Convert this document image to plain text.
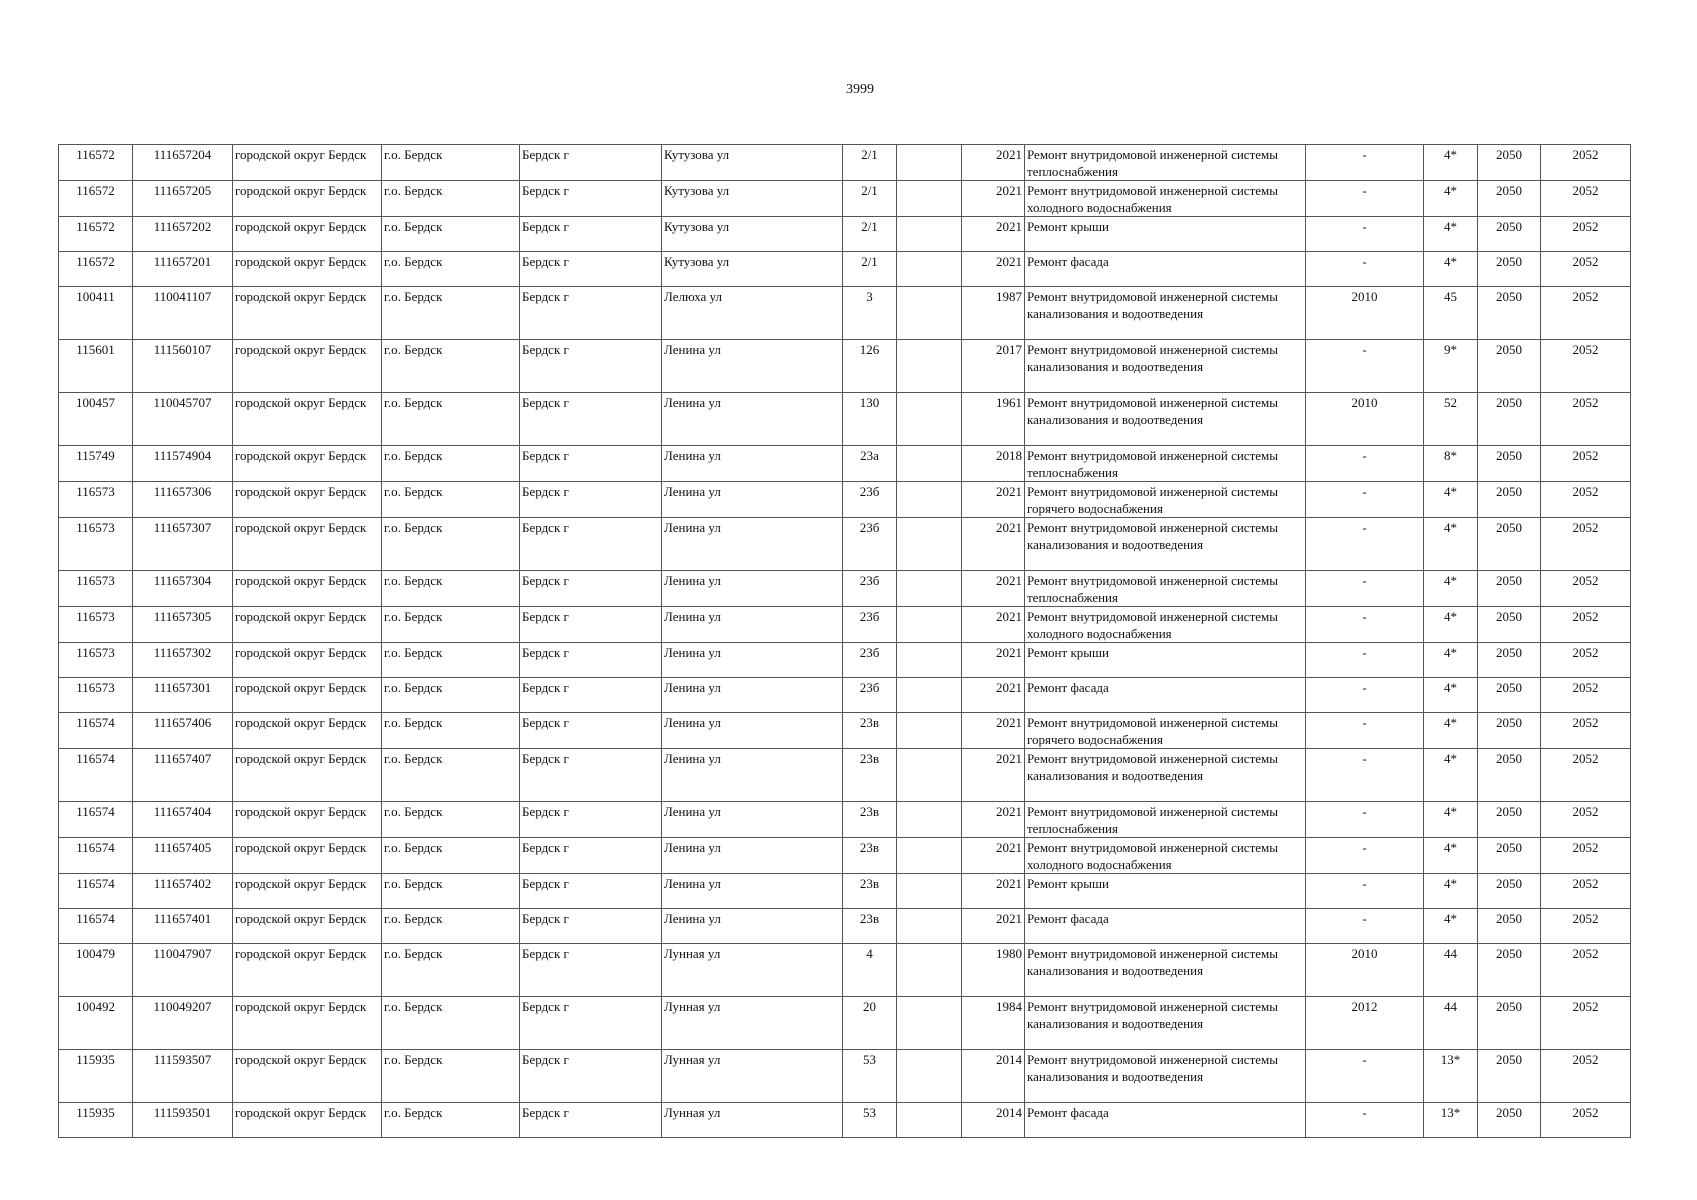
3999
116572	111657204	городской округ Бердск	г.о. Бердск	Бердск г	Кутузова ул	2/1		2021	Ремонт внутридомовой инженерной системы теплоснабжения	-	4*	2050	2052
116572	111657205	городской округ Бердск	г.о. Бердск	Бердск г	Кутузова ул	2/1		2021	Ремонт внутридомовой инженерной системы холодного водоснабжения	-	4*	2050	2052
116572	111657202	городской округ Бердск	г.о. Бердск	Бердск г	Кутузова ул	2/1		2021	Ремонт крыши	-	4*	2050	2052
116572	111657201	городской округ Бердск	г.о. Бердск	Бердск г	Кутузова ул	2/1		2021	Ремонт фасада	-	4*	2050	2052
100411	110041107	городской округ Бердск	г.о. Бердск	Бердск г	Лелюха ул	3		1987	Ремонт внутридомовой инженерной системы канализования и водоотведения	2010	45	2050	2052
115601	111560107	городской округ Бердск	г.о. Бердск	Бердск г	Ленина ул	126		2017	Ремонт внутридомовой инженерной системы канализования и водоотведения	-	9*	2050	2052
100457	110045707	городской округ Бердск	г.о. Бердск	Бердск г	Ленина ул	130		1961	Ремонт внутридомовой инженерной системы канализования и водоотведения	2010	52	2050	2052
115749	111574904	городской округ Бердск	г.о. Бердск	Бердск г	Ленина ул	23а		2018	Ремонт внутридомовой инженерной системы теплоснабжения	-	8*	2050	2052
116573	111657306	городской округ Бердск	г.о. Бердск	Бердск г	Ленина ул	23б		2021	Ремонт внутридомовой инженерной системы горячего водоснабжения	-	4*	2050	2052
116573	111657307	городской округ Бердск	г.о. Бердск	Бердск г	Ленина ул	23б		2021	Ремонт внутридомовой инженерной системы канализования и водоотведения	-	4*	2050	2052
116573	111657304	городской округ Бердск	г.о. Бердск	Бердск г	Ленина ул	23б		2021	Ремонт внутридомовой инженерной системы теплоснабжения	-	4*	2050	2052
116573	111657305	городской округ Бердск	г.о. Бердск	Бердск г	Ленина ул	23б		2021	Ремонт внутридомовой инженерной системы холодного водоснабжения	-	4*	2050	2052
116573	111657302	городской округ Бердск	г.о. Бердск	Бердск г	Ленина ул	23б		2021	Ремонт крыши	-	4*	2050	2052
116573	111657301	городской округ Бердск	г.о. Бердск	Бердск г	Ленина ул	23б		2021	Ремонт фасада	-	4*	2050	2052
116574	111657406	городской округ Бердск	г.о. Бердск	Бердск г	Ленина ул	23в		2021	Ремонт внутридомовой инженерной системы горячего водоснабжения	-	4*	2050	2052
116574	111657407	городской округ Бердск	г.о. Бердск	Бердск г	Ленина ул	23в		2021	Ремонт внутридомовой инженерной системы канализования и водоотведения	-	4*	2050	2052
116574	111657404	городской округ Бердск	г.о. Бердск	Бердск г	Ленина ул	23в		2021	Ремонт внутридомовой инженерной системы теплоснабжения	-	4*	2050	2052
116574	111657405	городской округ Бердск	г.о. Бердск	Бердск г	Ленина ул	23в		2021	Ремонт внутридомовой инженерной системы холодного водоснабжения	-	4*	2050	2052
116574	111657402	городской округ Бердск	г.о. Бердск	Бердск г	Ленина ул	23в		2021	Ремонт крыши	-	4*	2050	2052
116574	111657401	городской округ Бердск	г.о. Бердск	Бердск г	Ленина ул	23в		2021	Ремонт фасада	-	4*	2050	2052
100479	110047907	городской округ Бердск	г.о. Бердск	Бердск г	Лунная ул	4		1980	Ремонт внутридомовой инженерной системы канализования и водоотведения	2010	44	2050	2052
100492	110049207	городской округ Бердск	г.о. Бердск	Бердск г	Лунная ул	20		1984	Ремонт внутридомовой инженерной системы канализования и водоотведения	2012	44	2050	2052
115935	111593507	городской округ Бердск	г.о. Бердск	Бердск г	Лунная ул	53		2014	Ремонт внутридомовой инженерной системы канализования и водоотведения	-	13*	2050	2052
115935	111593501	городской округ Бердск	г.о. Бердск	Бердск г	Лунная ул	53		2014	Ремонт фасада	-	13*	2050	2052
